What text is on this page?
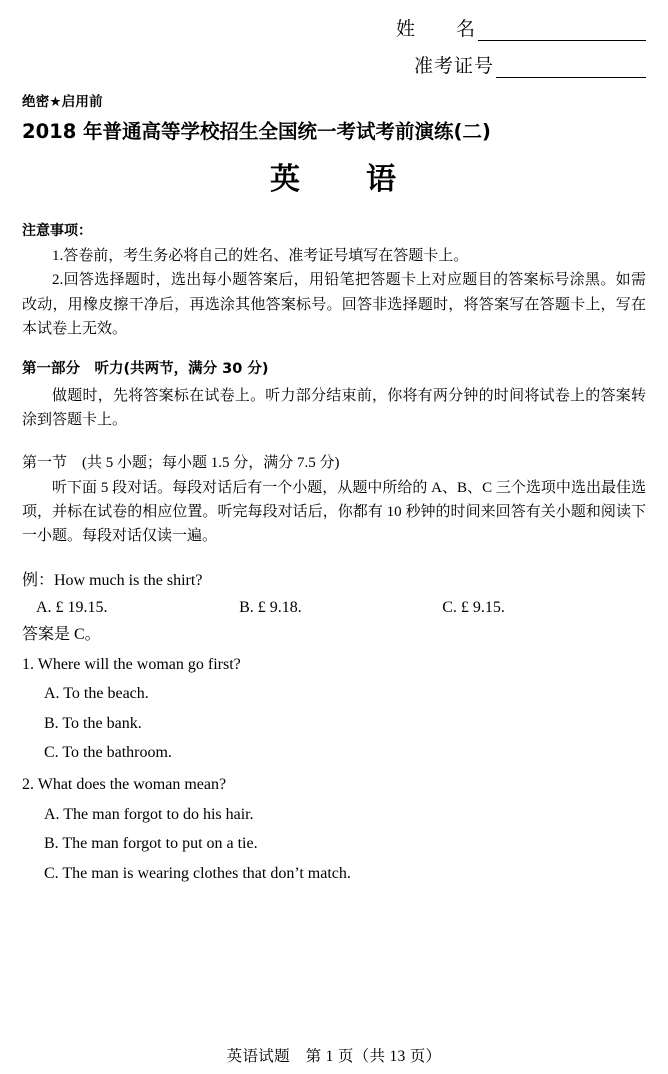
姓　　名
准考证号
绝密★启用前
2018 年普通高等学校招生全国统一考试考前演练(二)
英　　语
注意事项：

1.答卷前，考生务必将自己的姓名、准考证号填写在答题卡上。

2.回答选择题时，选出每小题答案后，用铅笔把答题卡上对应题目的答案标号涂黑。如需改动，用橡皮擦干净后，再选涂其他答案标号。回答非选择题时，将答案写在答题卡上，写在本试卷上无效。

第一部分　听力(共两节，满分 30 分)

做题时，先将答案标在试卷上。听力部分结束前，你将有两分钟的时间将试卷上的答案转涂到答题卡上。

第一节　(共 5 小题；每小题 1.5 分，满分 7.5 分)

听下面 5 段对话。每段对话后有一个小题，从题中所给的 A、B、C 三个选项中选出最佳选项，并标在试卷的相应位置。听完每段对话后，你都有 10 秒钟的时间来回答有关小题和阅读下一小题。每段对话仅读一遍。

例：How much is the shirt?

A. £ 19.15.	B. £ 9.18.	C. £ 9.15.

答案是 C。

1. Where will the woman go first?

A. To the beach.

B. To the bank.

C. To the bathroom.

2. What does the woman mean?

A. The man forgot to do his hair.

B. The man forgot to put on a tie.

C. The man is wearing clothes that don’t match.

英语试题　第 1 页（共 13 页）
